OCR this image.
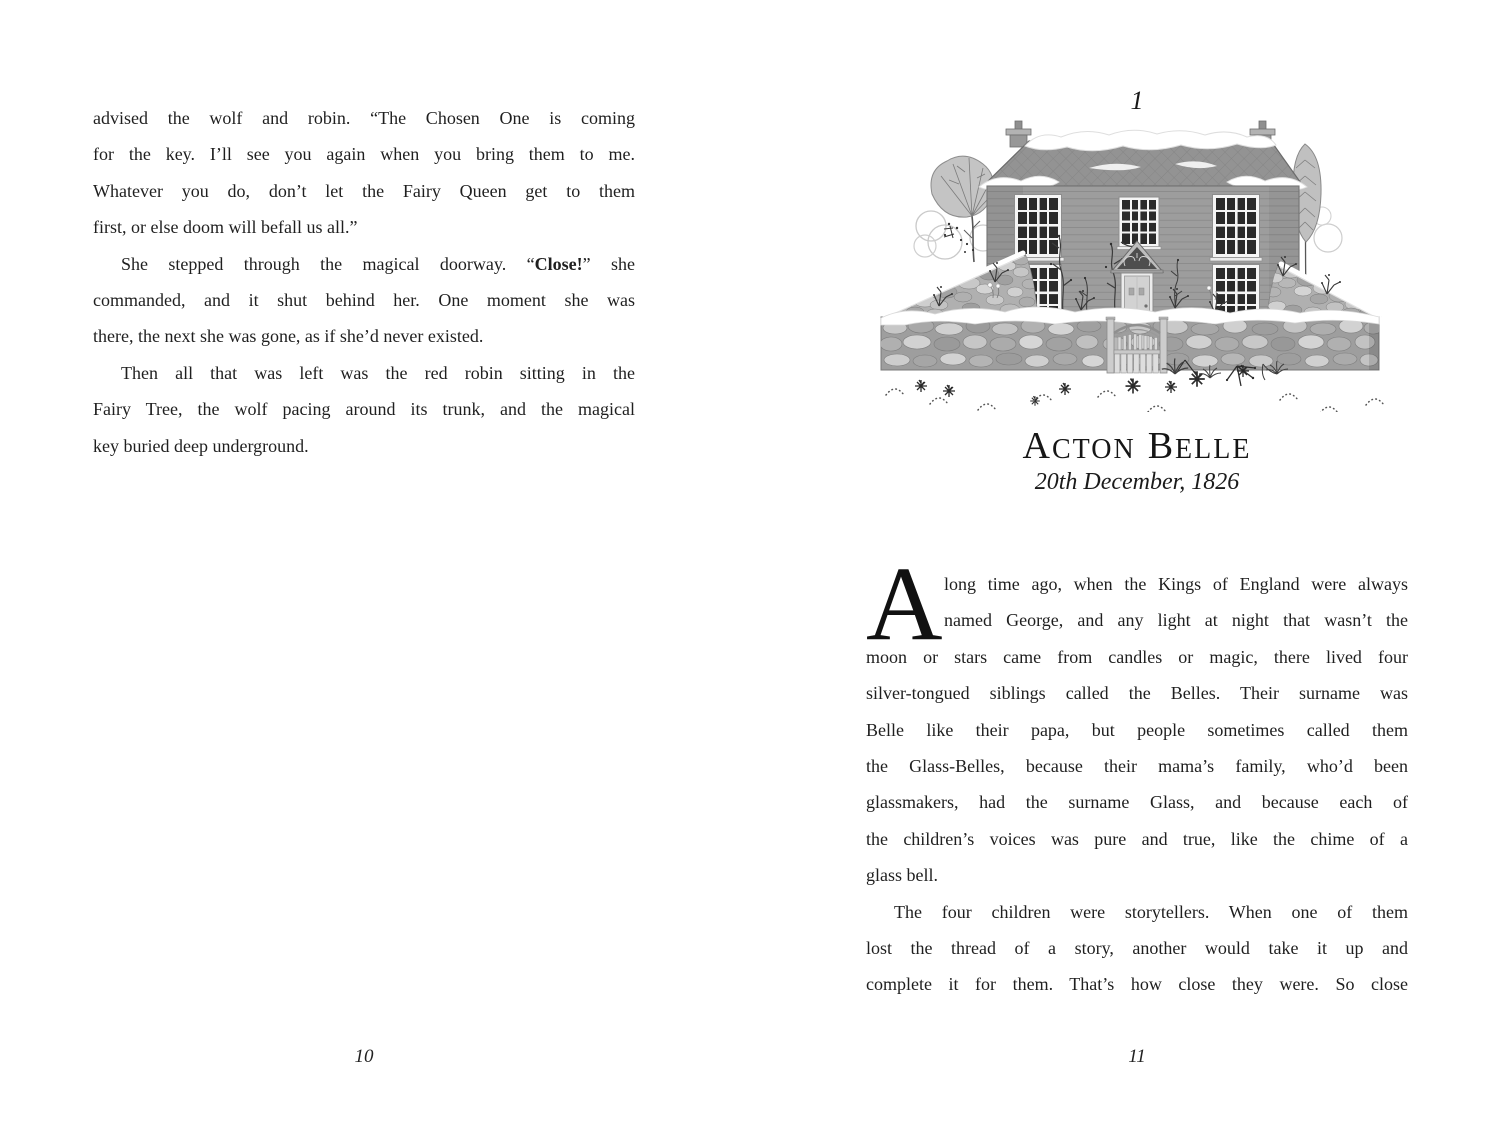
advised the wolf and robin. “The Chosen One is coming
for the key. I’ll see you again when you bring them to me.
Whatever you do, don’t let the Fairy Queen get to them
first, or else doom will befall us all.”
She stepped through the magical doorway. “Close!” she
commanded, and it shut behind her. One moment she was
there, the next she was gone, as if she’d never existed.
Then all that was left was the red robin sitting in the
Fairy Tree, the wolf pacing around its trunk, and the magical
key buried deep underground.
10
1
ACTON BELLE
20th December, 1826
A long time ago, when the Kings of England were always
named George, and any light at night that wasn’t the
moon or stars came from candles or magic, there lived four
silver-tongued siblings called the Belles. Their surname was
Belle like their papa, but people sometimes called them
the Glass-Belles, because their mama’s family, who’d been
glassmakers, had the surname Glass, and because each of
the children’s voices was pure and true, like the chime of a
glass bell.
The four children were storytellers. When one of them
lost the thread of a story, another would take it up and
complete it for them. That’s how close they were. So close
11
